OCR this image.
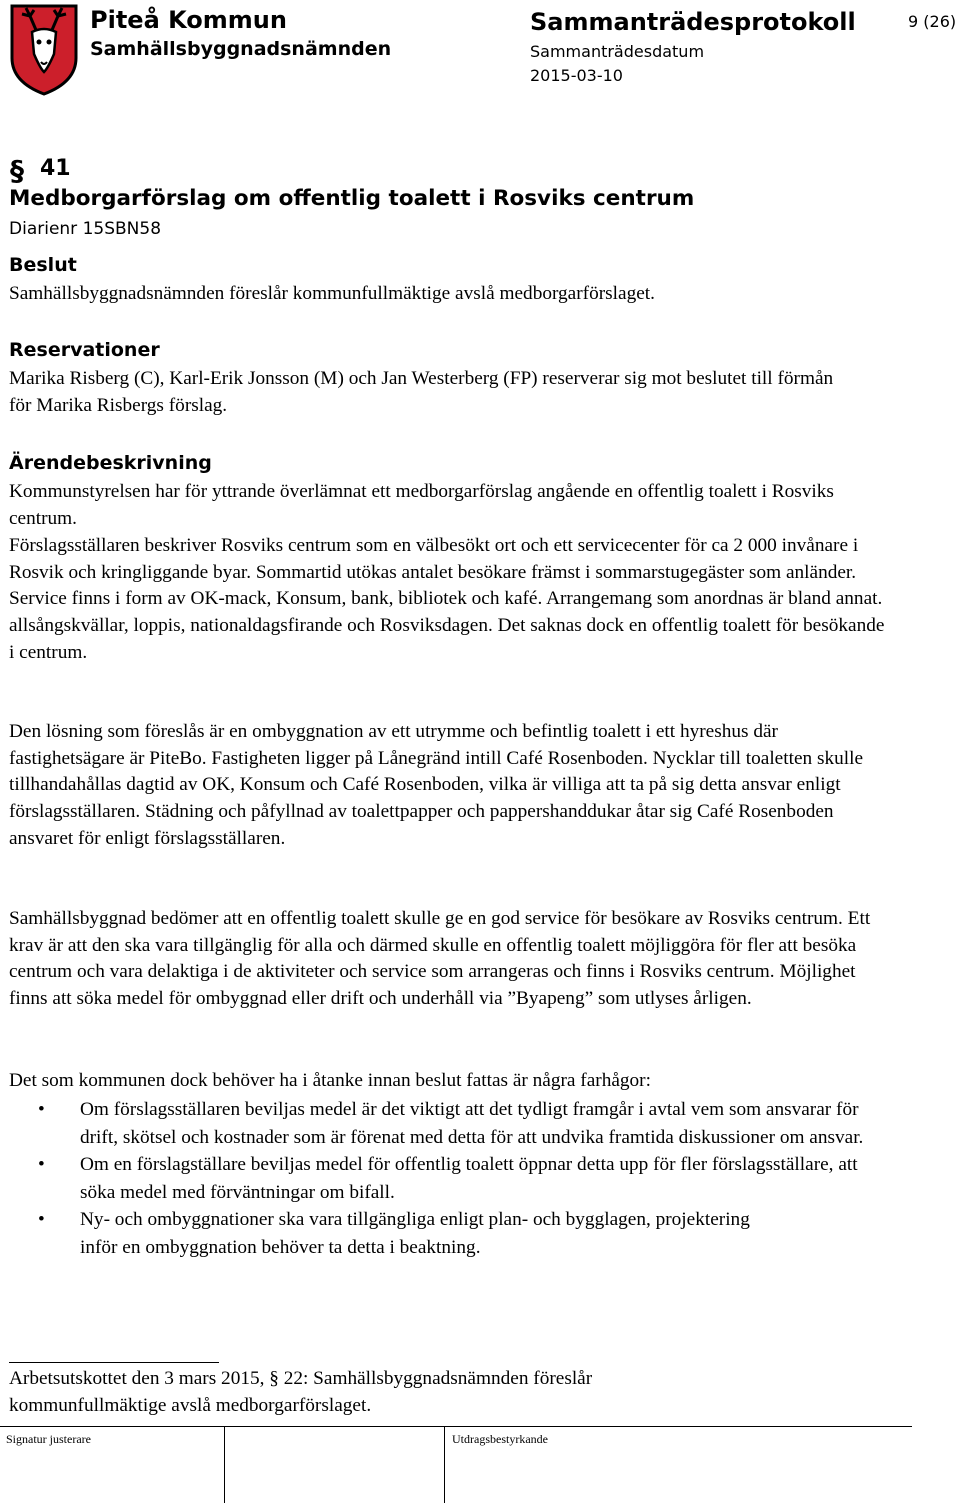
Piteå Kommun
Samhällsbyggnadsnämnden
Sammanträdesprotokoll
Sammanträdesdatum
2015-03-10
9 (26)
§ 41
Medborgarförslag om offentlig toalett i Rosviks centrum
Diarienr 15SBN58
Beslut
Samhällsbyggnadsnämnden föreslår kommunfullmäktige avslå medborgarförslaget.
Reservationer
Marika Risberg (C), Karl-Erik Jonsson (M) och Jan Westerberg (FP) reserverar sig mot beslutet till förmån för Marika Risbergs förslag.
Ärendebeskrivning
Kommunstyrelsen har för yttrande överlämnat ett medborgarförslag angående en offentlig toalett i Rosviks centrum.
Förslagsställaren beskriver Rosviks centrum som en välbesökt ort och ett servicecenter för ca 2 000 invånare i Rosvik och kringliggande byar. Sommartid utökas antalet besökare främst i sommarstugegäster som anländer. Service finns i form av OK-mack, Konsum, bank, bibliotek och kafé. Arrangemang som anordnas är bland annat. allsångskvällar, loppis, nationaldagsfirande och Rosviksdagen. Det saknas dock en offentlig toalett för besökande i centrum.
Den lösning som föreslås är en ombyggnation av ett utrymme och befintlig toalett i ett hyreshus där fastighetsägare är PiteBo. Fastigheten ligger på Lånegränd intill Café Rosenboden. Nycklar till toaletten skulle tillhandahållas dagtid av OK, Konsum och Café Rosenboden, vilka är villiga att ta på sig detta ansvar enligt förslagsställaren. Städning och påfyllnad av toalettpapper och pappershanddukar åtar sig Café Rosenboden ansvaret för enligt förslagsställaren.
Samhällsbyggnad bedömer att en offentlig toalett skulle ge en god service för besökare av Rosviks centrum. Ett krav är att den ska vara tillgänglig för alla och därmed skulle en offentlig toalett möjliggöra för fler att besöka centrum och vara delaktiga i de aktiviteter och service som arrangeras och finns i Rosviks centrum. Möjlighet finns att söka medel för ombyggnad eller drift och underhåll via ”Byapeng” som utlyses årligen.
Det som kommunen dock behöver ha i åtanke innan beslut fattas är några farhågor:
• Om förslagsställaren beviljas medel är det viktigt att det tydligt framgår i avtal vem som ansvarar för drift, skötsel och kostnader som är förenat med detta för att undvika framtida diskussioner om ansvar.
• Om en förslagställare beviljas medel för offentlig toalett öppnar detta upp för fler förslagsställare, att söka medel med förväntningar om bifall.
• Ny- och ombyggnationer ska vara tillgängliga enligt plan- och bygglagen, projektering inför en ombyggnation behöver ta detta i beaktning.
Arbetsutskottet den 3 mars 2015, § 22: Samhällsbyggnadsnämnden föreslår kommunfullmäktige avslå medborgarförslaget.
Signatur justerare	Utdragsbestyrkande
